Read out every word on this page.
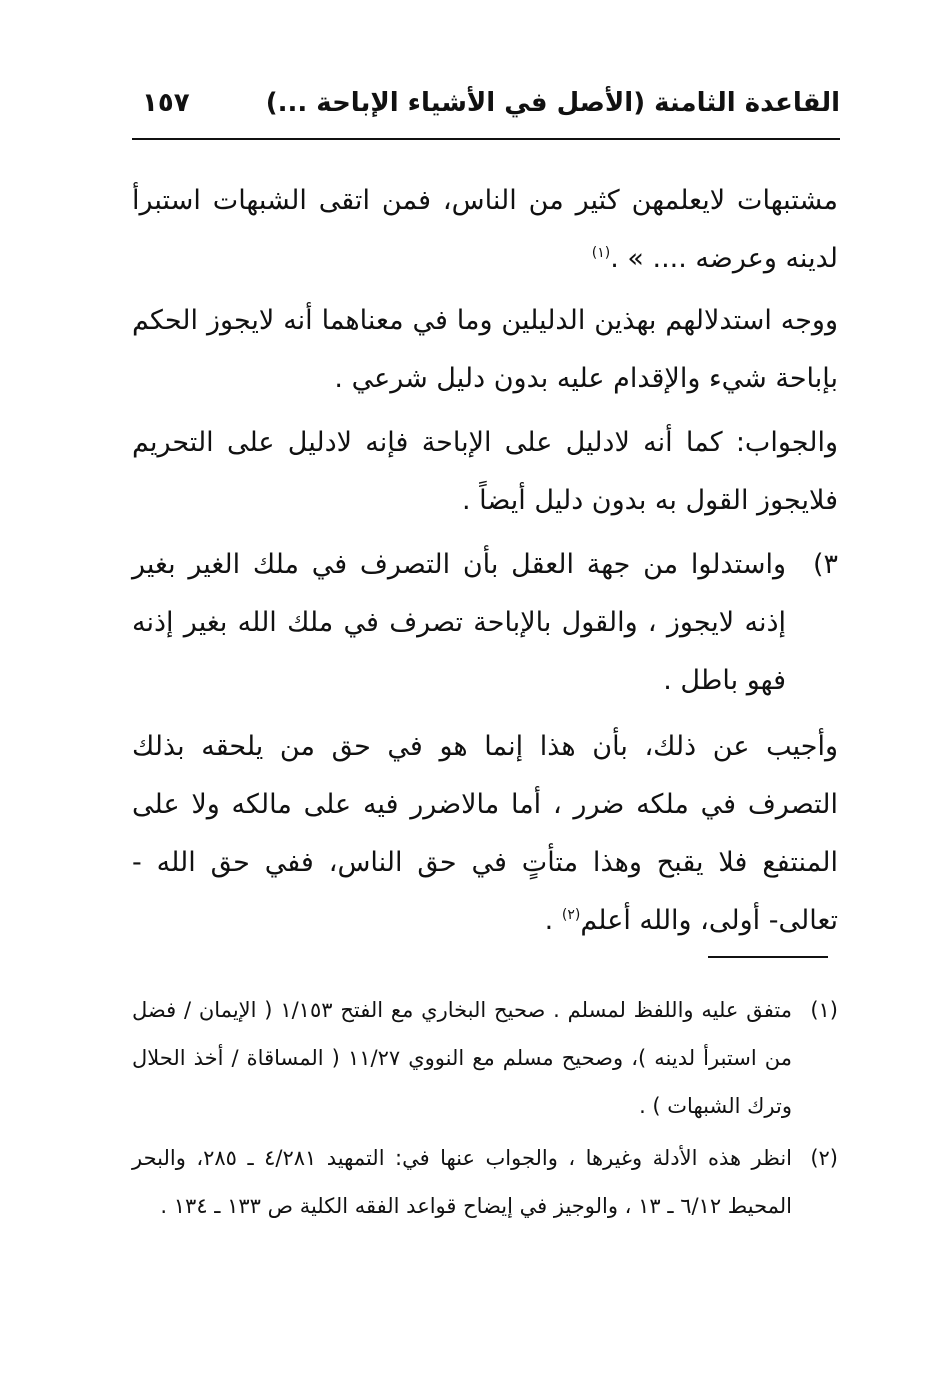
القاعدة الثامنة (الأصل في الأشياء الإباحة ...)
١٥٧

مشتبهات لايعلمهن كثير من الناس، فمن اتقى الشبهات استبرأ لدينه وعرضه .... » .$^{(١)}$

ووجه استدلالهم بهذين الدليلين وما في معناهما أنه لايجوز الحكم بإباحة شيء والإقدام عليه بدون دليل شرعي .

والجواب: كما أنه لادليل على الإباحة فإنه لادليل على التحريم فلايجوز القول به بدون دليل أيضاً .

٣)
واستدلوا من جهة العقل بأن التصرف في ملك الغير بغير إذنه لايجوز ، والقول بالإباحة تصرف في ملك الله بغير إذنه فهو باطل .

وأجيب عن ذلك، بأن هذا إنما هو في حق من يلحقه بذلك التصرف في ملكه ضرر ، أما مالاضرر فيه على مالكه ولا على المنتفع فلا يقبح وهذا متأتٍ في حق الناس، ففي حق الله - تعالى- أولى، والله أعلم$^{(٢)}$ .

(١)
متفق عليه واللفظ لمسلم . صحيح البخاري مع الفتح ١/١٥٣ ( الإيمان / فضل من استبرأ لدينه )، وصحيح مسلم مع النووي ١١/٢٧ ( المساقاة / أخذ الحلال وترك الشبهات ) .
(٢)
انظر هذه الأدلة وغيرها ، والجواب عنها في: التمهيد ٤/٢٨١ ـ ٢٨٥، والبحر المحيط ٦/١٢ ـ ١٣ ، والوجيز في إيضاح قواعد الفقه الكلية ص ١٣٣ ـ ١٣٤ .
